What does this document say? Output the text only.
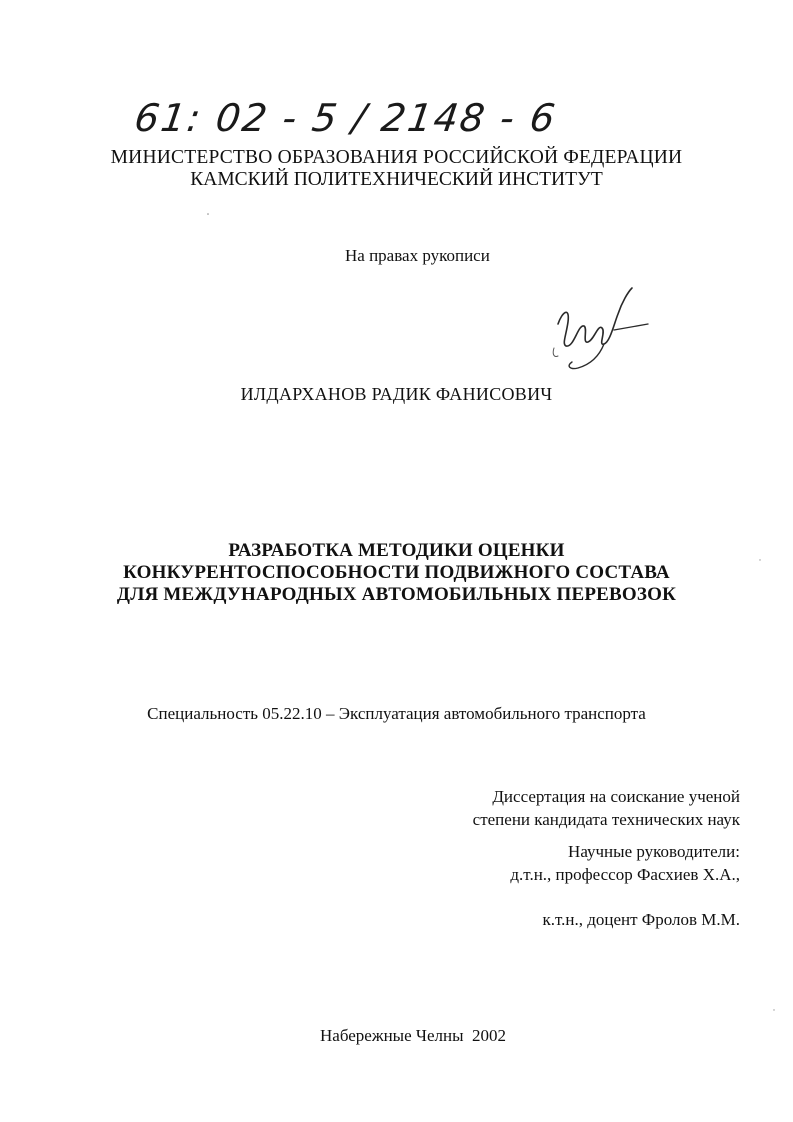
61: 02 - 5 / 2148 - 6
МИНИСТЕРСТВО ОБРАЗОВАНИЯ РОССИЙСКОЙ ФЕДЕРАЦИИ
КАМСКИЙ ПОЛИТЕХНИЧЕСКИЙ ИНСТИТУТ
На правах рукописи
ИЛДАРХАНОВ РАДИК ФАНИСОВИЧ
РАЗРАБОТКА МЕТОДИКИ ОЦЕНКИ
КОНКУРЕНТОСПОСОБНОСТИ ПОДВИЖНОГО СОСТАВА
ДЛЯ МЕЖДУНАРОДНЫХ АВТОМОБИЛЬНЫХ ПЕРЕВОЗОК
Специальность 05.22.10 – Эксплуатация автомобильного транспорта
Диссертация на соискание ученой
степени кандидата технических наук
Научные руководители:
д.т.н., профессор Фасхиев Х.А.,
к.т.н., доцент Фролов М.М.
Набережные Челны  2002
